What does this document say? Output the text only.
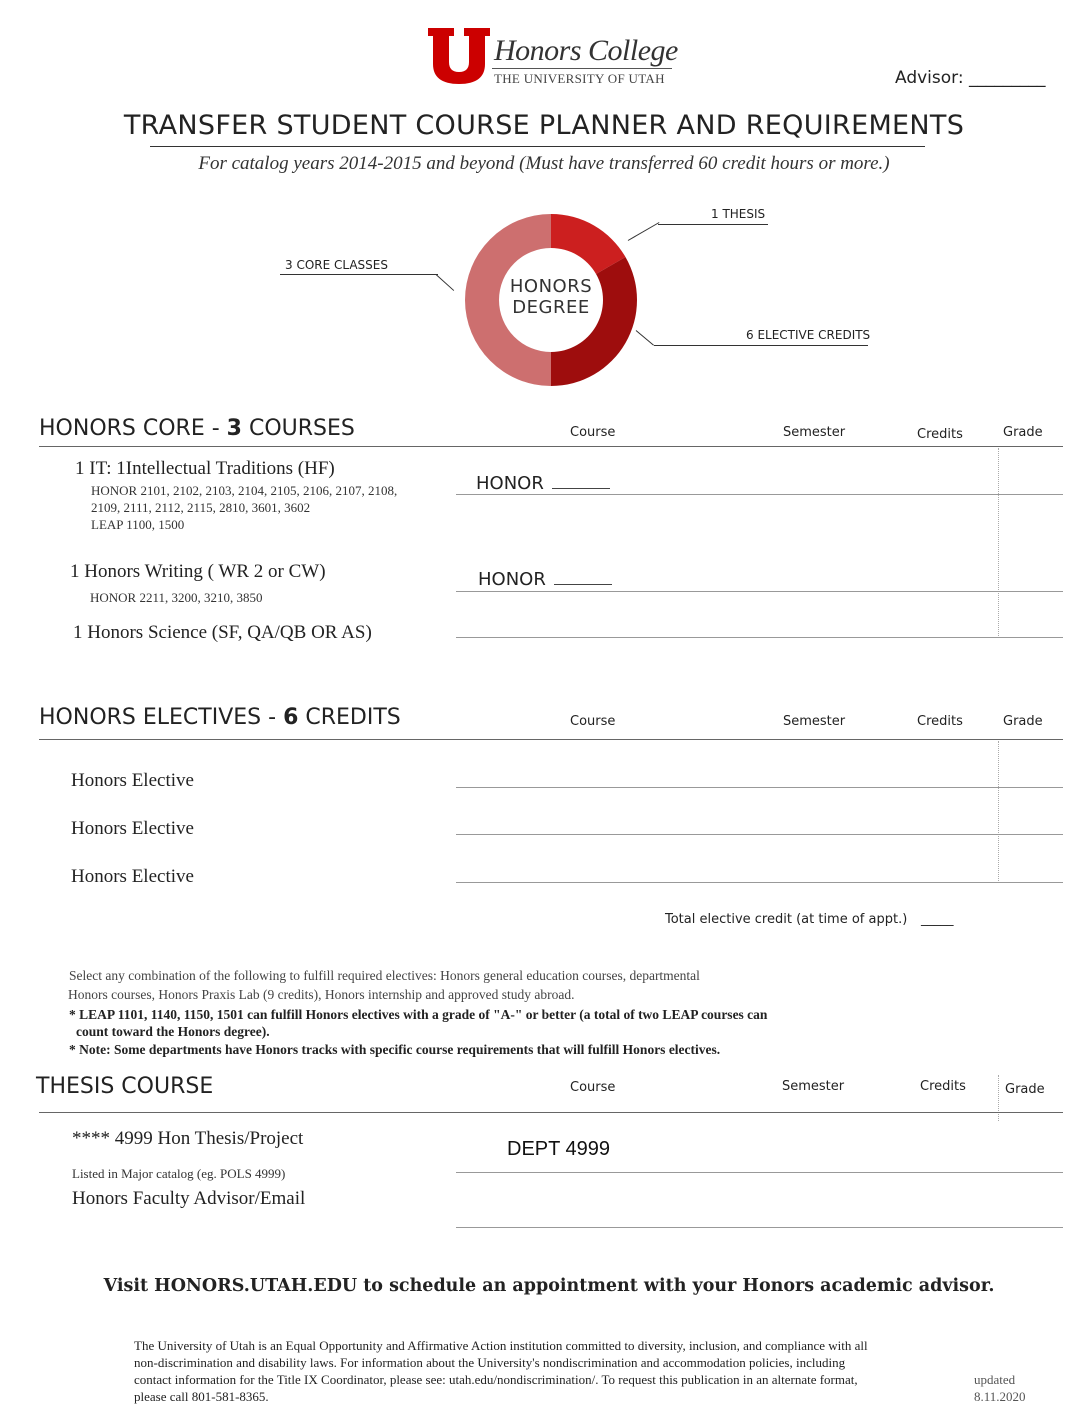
Honors College
THE UNIVERSITY OF UTAH	Advisor: _________
TRANSFER STUDENT COURSE PLANNER AND REQUIREMENTS
For catalog years 2014-2015 and beyond (Must have transferred 60 credit hours or more.)
HONORS
DEGREE
1 THESIS
3 CORE CLASSES
6 ELECTIVE CREDITS
HONORS CORE - 3 COURSES	Course	Semester	Credits	Grade
1 IT: 1Intellectual Traditions (HF)
HONOR 2101, 2102, 2103, 2104, 2105, 2106, 2107, 2108,
2109, 2111, 2112, 2115, 2810, 3601, 3602
LEAP 1100, 1500
HONOR
1 Honors Writing ( WR 2 or CW)
HONOR 2211, 3200, 3210, 3850
HONOR
1 Honors Science (SF, QA/QB OR AS)
HONORS ELECTIVES - 6 CREDITS	Course	Semester	Credits	Grade
Honors Elective
Honors Elective
Honors Elective
Total elective credit (at time of appt.) _____
Select any combination of the following to fulfill required electives: Honors general education courses, departmental
Honors courses, Honors Praxis Lab (9 credits), Honors internship and approved study abroad.
* LEAP 1101, 1140, 1150, 1501 can fulfill Honors electives with a grade of "A-" or better (a total of two LEAP courses can
count toward the Honors degree).
* Note: Some departments have Honors tracks with specific course requirements that will fulfill Honors electives.
THESIS COURSE	Course	Semester	Credits	Grade
**** 4999 Hon Thesis/Project
Listed in Major catalog (eg. POLS 4999)
DEPT 4999
Honors Faculty Advisor/Email
Visit HONORS.UTAH.EDU to schedule an appointment with your Honors academic advisor.
The University of Utah is an Equal Opportunity and Affirmative Action institution committed to diversity, inclusion, and compliance with all
non-discrimination and disability laws. For information about the University's nondiscrimination and accommodation policies, including
contact information for the Title IX Coordinator, please see: utah.edu/nondiscrimination/. To request this publication in an alternate format,
please call 801-581-8365.
updated
8.11.2020
